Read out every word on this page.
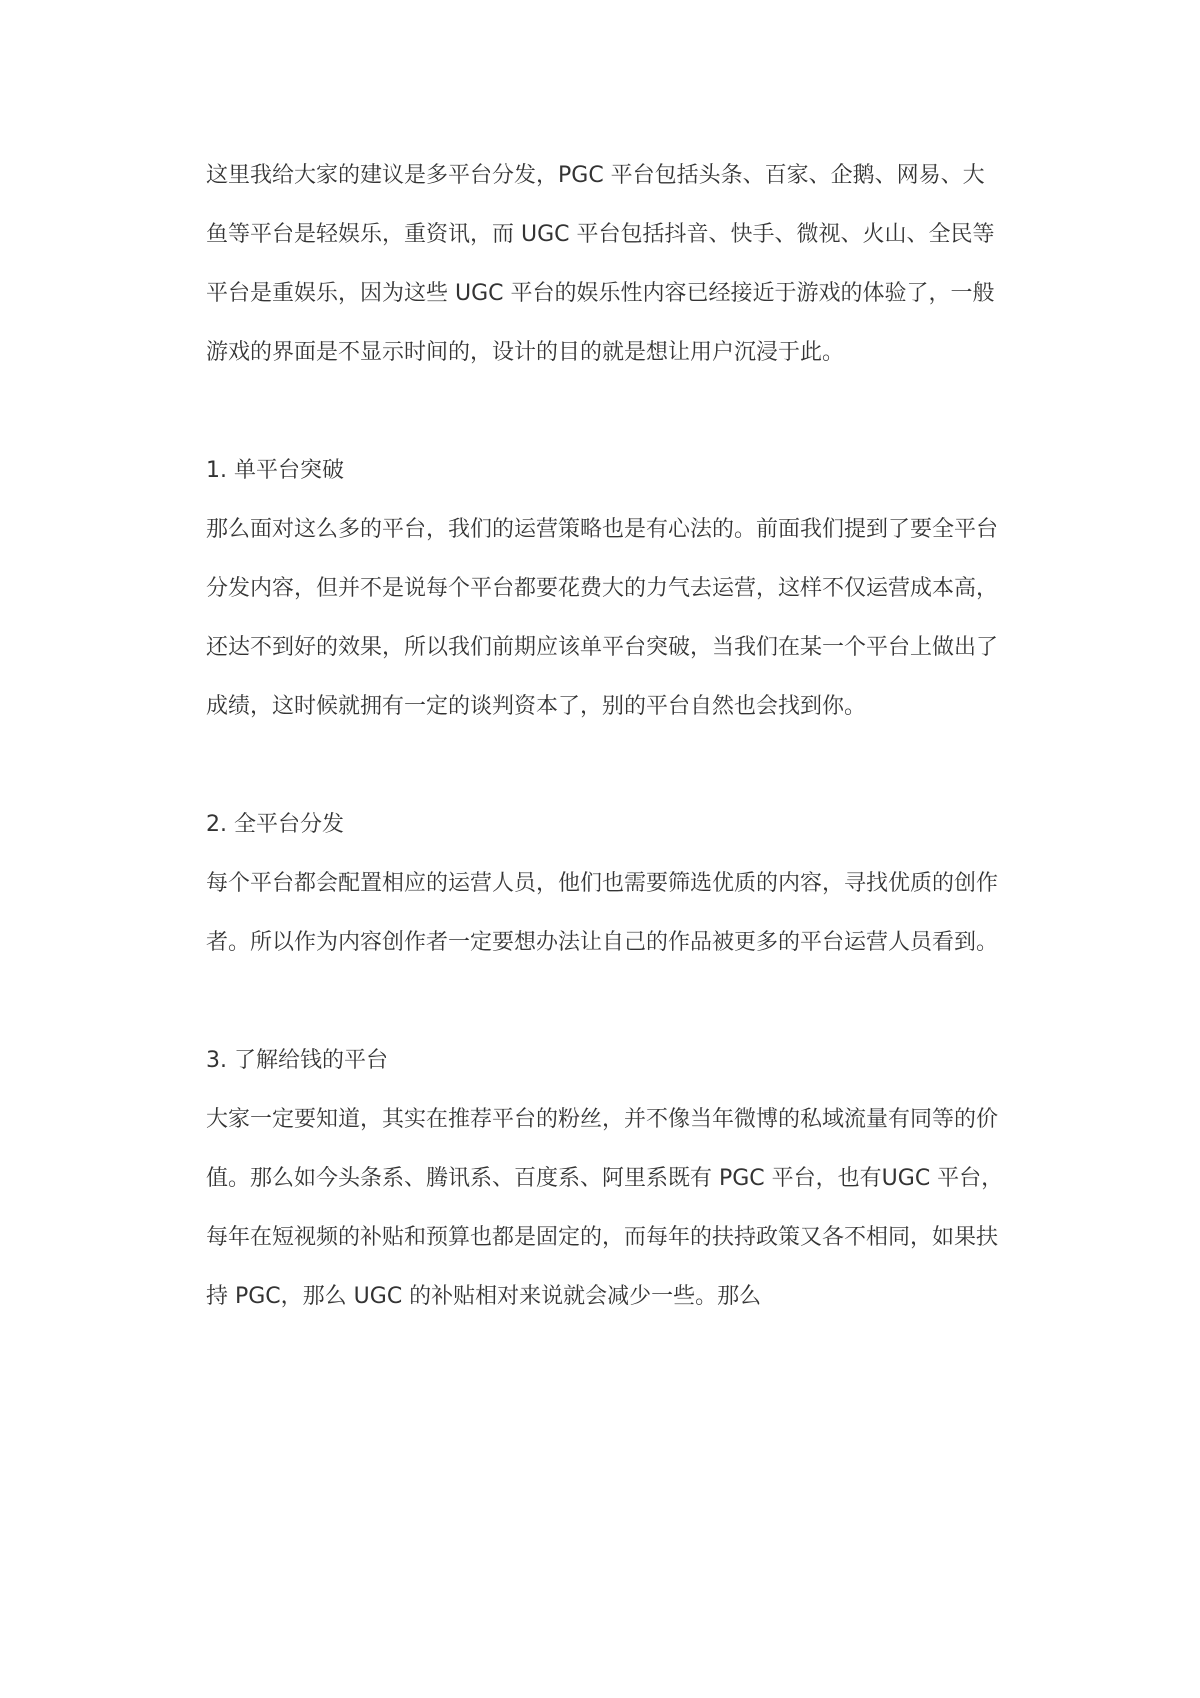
这里我给大家的建议是多平台分发，PGC 平台包括头条、百家、企鹅、网易、大鱼等平台是轻娱乐，重资讯，而 UGC 平台包括抖音、快手、微视、火山、全民等平台是重娱乐，因为这些 UGC 平台的娱乐性内容已经接近于游戏的体验了，一般游戏的界面是不显示时间的，设计的目的就是想让用户沉浸于此。

1. 单平台突破

那么面对这么多的平台，我们的运营策略也是有心法的。前面我们提到了要全平台分发内容，但并不是说每个平台都要花费大的力气去运营，这样不仅运营成本高，还达不到好的效果，所以我们前期应该单平台突破，当我们在某一个平台上做出了成绩，这时候就拥有一定的谈判资本了，别的平台自然也会找到你。

2. 全平台分发

每个平台都会配置相应的运营人员，他们也需要筛选优质的内容，寻找优质的创作者。所以作为内容创作者一定要想办法让自己的作品被更多的平台运营人员看到。

3. 了解给钱的平台

大家一定要知道，其实在推荐平台的粉丝，并不像当年微博的私域流量有同等的价值。那么如今头条系、腾讯系、百度系、阿里系既有 PGC 平台，也有UGC 平台，每年在短视频的补贴和预算也都是固定的，而每年的扶持政策又各不相同，如果扶持 PGC，那么 UGC 的补贴相对来说就会减少一些。那么
